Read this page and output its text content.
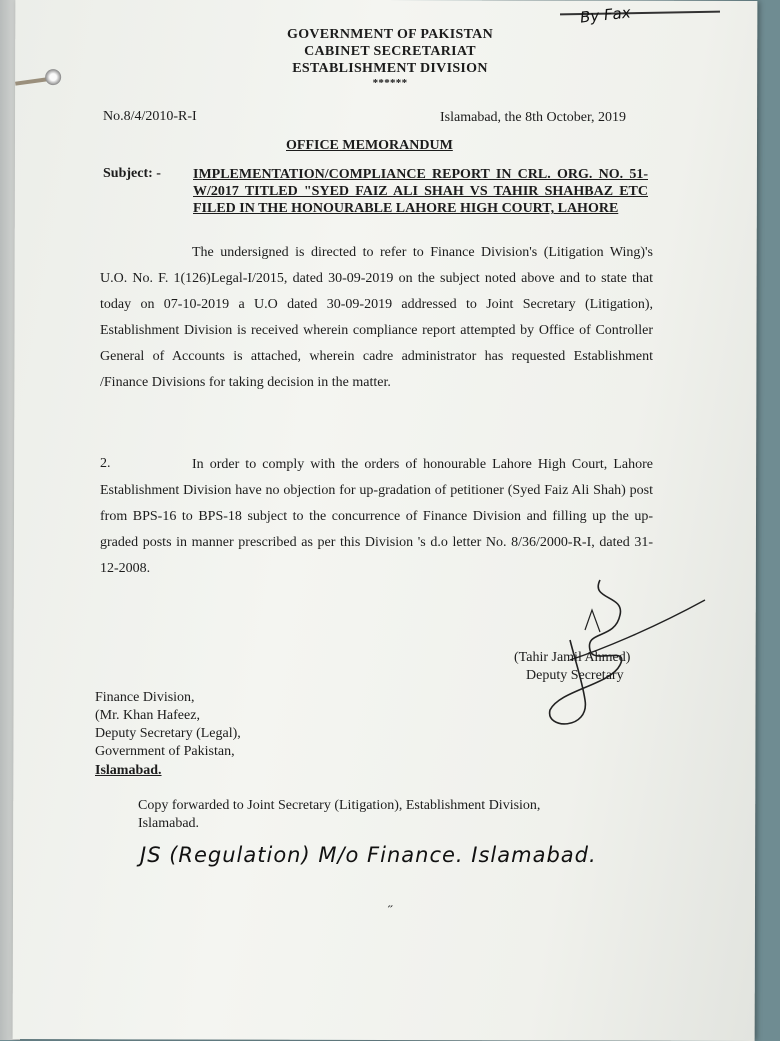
By Fax
GOVERNMENT OF PAKISTAN
CABINET SECRETARIAT
ESTABLISHMENT DIVISION
******
No.8/4/2010-R-I	Islamabad, the 8th October, 2019
OFFICE MEMORANDUM
Subject: - IMPLEMENTATION/COMPLIANCE REPORT IN CRL. ORG. NO. 51-W/2017 TITLED "SYED FAIZ ALI SHAH VS TAHIR SHAHBAZ ETC FILED IN THE HONOURABLE LAHORE HIGH COURT, LAHORE
The undersigned is directed to refer to Finance Division's (Litigation Wing)'s U.O. No. F. 1(126)Legal-I/2015, dated 30-09-2019 on the subject noted above and to state that today on 07-10-2019 a U.O dated 30-09-2019 addressed to Joint Secretary (Litigation), Establishment Division is received wherein compliance report attempted by Office of Controller General of Accounts is attached, wherein cadre administrator has requested Establishment /Finance Divisions for taking decision in the matter.
2.	In order to comply with the orders of honourable Lahore High Court, Lahore Establishment Division have no objection for up-gradation of petitioner (Syed Faiz Ali Shah) post from BPS-16 to BPS-18 subject to the concurrence of Finance Division and filling up the up-graded posts in manner prescribed as per this Division 's d.o letter No. 8/36/2000-R-I, dated 31-12-2008.
(Tahir Jamil Ahmed)
Deputy Secretary
Finance Division,
(Mr. Khan Hafeez,
Deputy Secretary (Legal),
Government of Pakistan,
Islamabad.
Copy forwarded to Joint Secretary (Litigation), Establishment Division,
Islamabad.
JS (Regulation) M/o Finance. Islamabad.
˶
